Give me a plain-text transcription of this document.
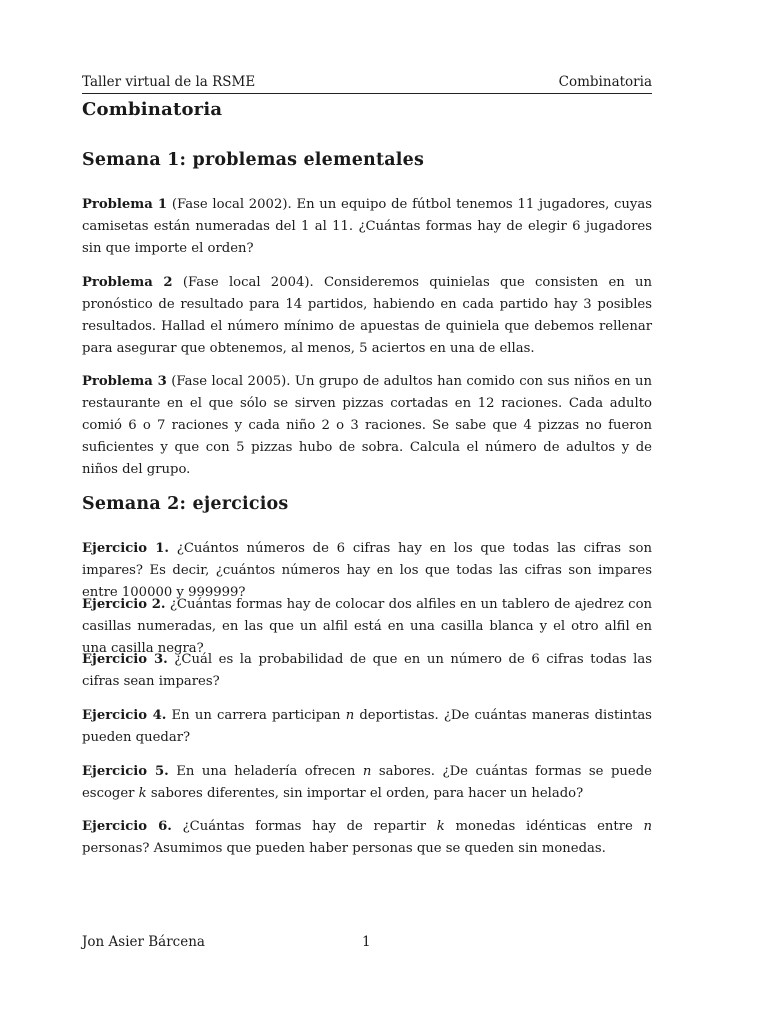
Taller virtual de la RSME	Combinatoria
Combinatoria
Semana 1: problemas elementales

Problema 1 (Fase local 2002). En un equipo de fútbol tenemos 11 jugadores, cuyas camisetas están numeradas del 1 al 11. ¿Cuántas formas hay de elegir 6 jugadores sin que importe el orden?

Problema 2 (Fase local 2004). Consideremos quinielas que consisten en un pronóstico de resultado para 14 partidos, habiendo en cada partido hay 3 posibles resultados. Hallad el número mínimo de apuestas de quiniela que debemos rellenar para asegurar que obtenemos, al menos, 5 aciertos en una de ellas.

Problema 3 (Fase local 2005). Un grupo de adultos han comido con sus niños en un restaurante en el que sólo se sirven pizzas cortadas en 12 raciones. Cada adulto comió 6 o 7 raciones y cada niño 2 o 3 raciones. Se sabe que 4 pizzas no fueron suficientes y que con 5 pizzas hubo de sobra. Calcula el número de adultos y de niños del grupo.

Semana 2: ejercicios

Ejercicio 1. ¿Cuántos números de 6 cifras hay en los que todas las cifras son impares? Es decir, ¿cuántos números hay en los que todas las cifras son impares entre 100000 y 999999?

Ejercicio 2. ¿Cuántas formas hay de colocar dos alfiles en un tablero de ajedrez con casillas numeradas, en las que un alfil está en una casilla blanca y el otro alfil en una casilla negra?

Ejercicio 3. ¿Cuál es la probabilidad de que en un número de 6 cifras todas las cifras sean impares?

Ejercicio 4. En un carrera participan n deportistas. ¿De cuántas maneras distintas pueden quedar?

Ejercicio 5. En una heladería ofrecen n sabores. ¿De cuántas formas se puede escoger k sabores diferentes, sin importar el orden, para hacer un helado?

Ejercicio 6. ¿Cuántas formas hay de repartir k monedas idénticas entre n personas? Asumimos que pueden haber personas que se queden sin monedas.

Jon Asier Bárcena	1
